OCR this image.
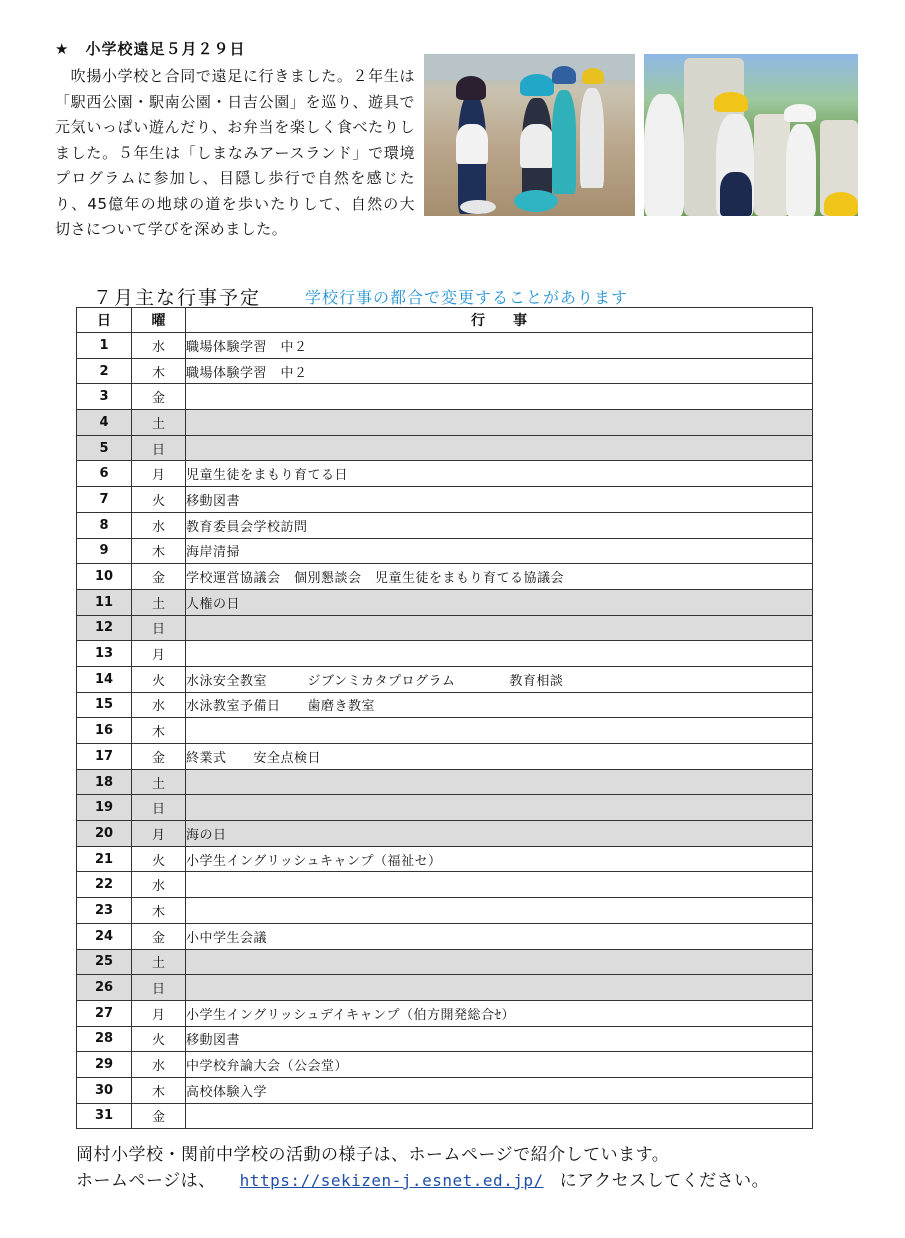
★　小学校遠足５月２９日
　吹揚小学校と合同で遠足に行きました。２年生は「駅西公園・駅南公園・日吉公園」を巡り、遊具で元気いっぱい遊んだり、お弁当を楽しく食べたりしました。５年生は「しまなみアースランド」で環境プログラムに参加し、目隠し歩行で自然を感じたり、45億年の地球の道を歩いたりして、自然の大切さについて学びを深めました。
７月主な行事予定	学校行事の都合で変更することがあります
日	曜	行　　事
1	水	職場体験学習　中２
2	木	職場体験学習　中２
3	金	
4	土	
5	日	
6	月	児童生徒をまもり育てる日
7	火	移動図書
8	水	教育委員会学校訪問
9	木	海岸清掃
10	金	学校運営協議会　個別懇談会　児童生徒をまもり育てる協議会
11	土	人権の日
12	日	
13	月	
14	火	水泳安全教室　　　ジブンミカタプログラム　　　　教育相談
15	水	水泳教室予備日　　歯磨き教室
16	木	
17	金	終業式　　安全点検日
18	土	
19	日	
20	月	海の日
21	火	小学生イングリッシュキャンプ（福祉セ）
22	水	
23	木	
24	金	小中学生会議
25	土	
26	日	
27	月	小学生イングリッシュデイキャンプ（伯方開発総合ｾ）
28	火	移動図書
29	水	中学校弁論大会（公会堂）
30	木	高校体験入学
31	金	
岡村小学校・関前中学校の活動の様子は、ホームページで紹介しています。
ホームページは、 https://sekizen-j.esnet.ed.jp/ にアクセスしてください。
